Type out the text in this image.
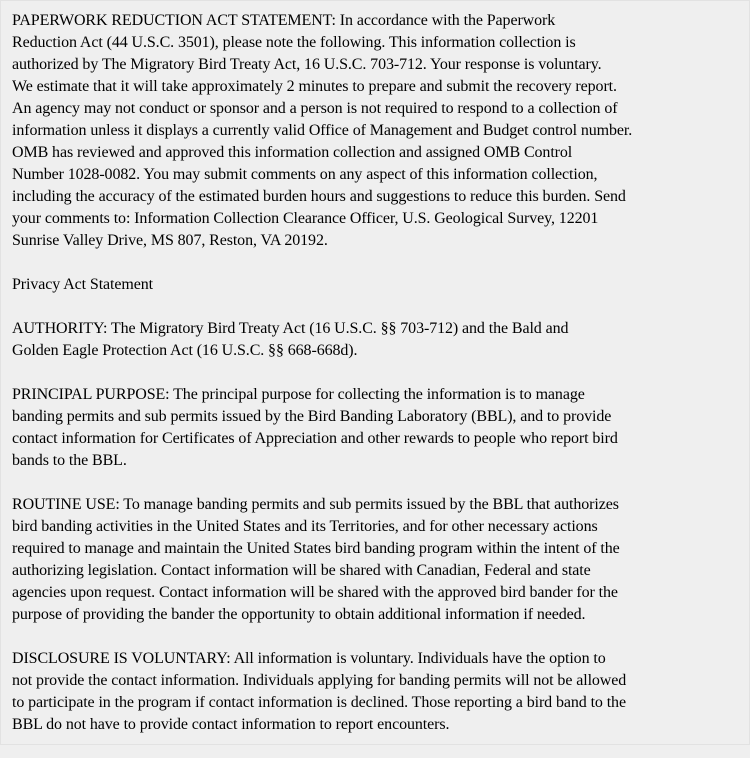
PAPERWORK REDUCTION ACT STATEMENT: In accordance with the Paperwork
Reduction Act (44 U.S.C. 3501), please note the following. This information collection is
authorized by The Migratory Bird Treaty Act, 16 U.S.C. 703-712. Your response is voluntary.
We estimate that it will take approximately 2 minutes to prepare and submit the recovery report.
An agency may not conduct or sponsor and a person is not required to respond to a collection of
information unless it displays a currently valid Office of Management and Budget control number.
OMB has reviewed and approved this information collection and assigned OMB Control
Number 1028-0082. You may submit comments on any aspect of this information collection,
including the accuracy of the estimated burden hours and suggestions to reduce this burden. Send
your comments to: Information Collection Clearance Officer, U.S. Geological Survey, 12201
Sunrise Valley Drive, MS 807, Reston, VA 20192.
Privacy Act Statement
AUTHORITY: The Migratory Bird Treaty Act (16 U.S.C. §§ 703-712) and the Bald and
Golden Eagle Protection Act (16 U.S.C. §§ 668-668d).
PRINCIPAL PURPOSE: The principal purpose for collecting the information is to manage
banding permits and sub permits issued by the Bird Banding Laboratory (BBL), and to provide
contact information for Certificates of Appreciation and other rewards to people who report bird
bands to the BBL.
ROUTINE USE: To manage banding permits and sub permits issued by the BBL that authorizes
bird banding activities in the United States and its Territories, and for other necessary actions
required to manage and maintain the United States bird banding program within the intent of the
authorizing legislation. Contact information will be shared with Canadian, Federal and state
agencies upon request. Contact information will be shared with the approved bird bander for the
purpose of providing the bander the opportunity to obtain additional information if needed.
DISCLOSURE IS VOLUNTARY: All information is voluntary. Individuals have the option to
not provide the contact information. Individuals applying for banding permits will not be allowed
to participate in the program if contact information is declined. Those reporting a bird band to the
BBL do not have to provide contact information to report encounters.
